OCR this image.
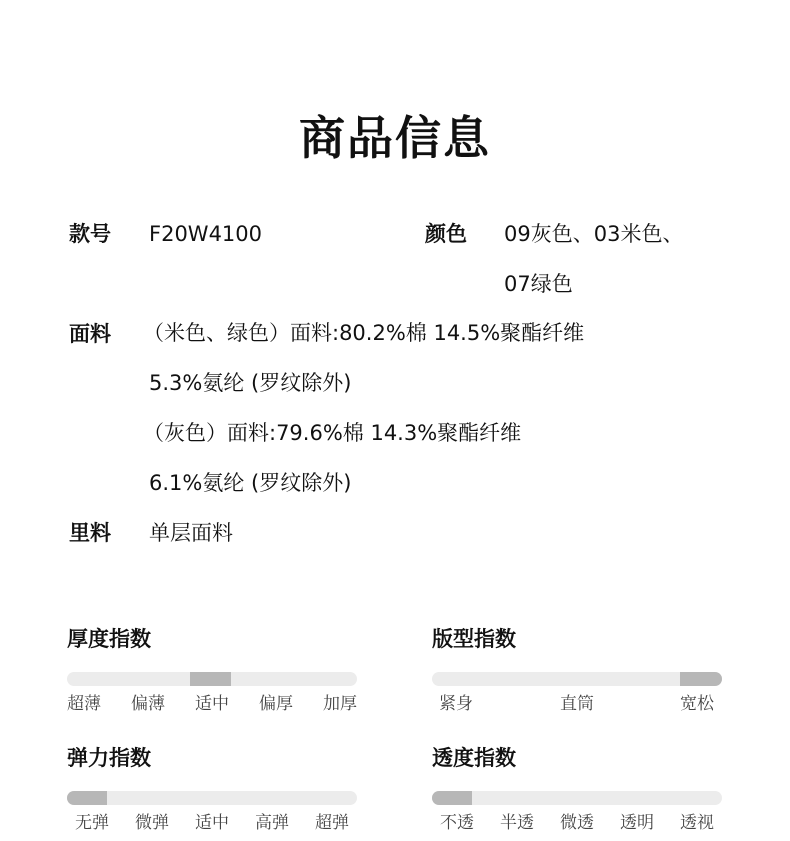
商品信息
款号 F20W4100	颜色 09灰色、03米色、
07绿色
面料 （米色、绿色）面料:80.2%棉 14.5%聚酯纤维
5.3%氨纶 (罗纹除外)
（灰色）面料:79.6%棉 14.3%聚酯纤维
6.1%氨纶 (罗纹除外)
里料 单层面料
厚度指数
超薄	偏薄	适中	偏厚	加厚
版型指数
紧身	直筒	宽松
弹力指数
无弹	微弹	适中	高弹	超弹
透度指数
不透	半透	微透	透明	透视
